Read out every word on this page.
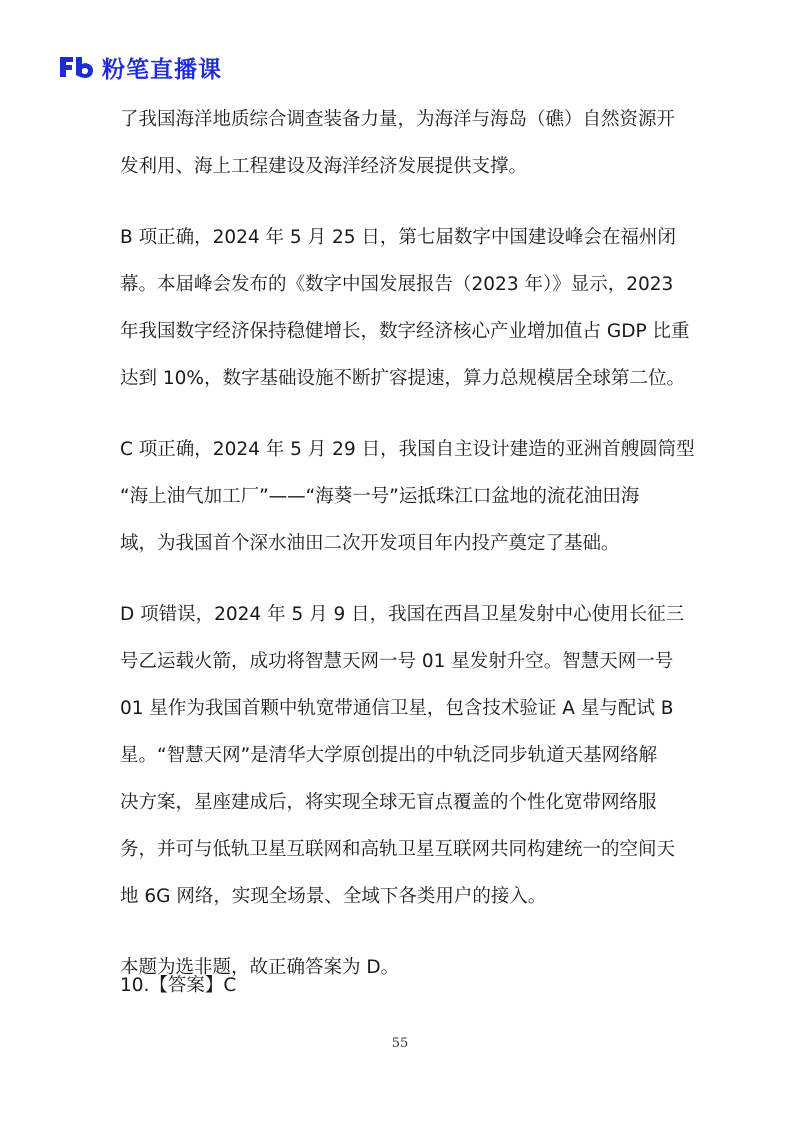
粉笔直播课
了我国海洋地质综合调查装备力量，为海洋与海岛（礁）自然资源开
发利用、海上工程建设及海洋经济发展提供支撑。
B 项正确，2024 年 5 月 25 日，第七届数字中国建设峰会在福州闭
幕。本届峰会发布的《数字中国发展报告（2023 年）》显示，2023
年我国数字经济保持稳健增长，数字经济核心产业增加值占 GDP 比重
达到 10%，数字基础设施不断扩容提速，算力总规模居全球第二位。
C 项正确，2024 年 5 月 29 日，我国自主设计建造的亚洲首艘圆筒型
“海上油气加工厂”——“海葵一号”运抵珠江口盆地的流花油田海
域，为我国首个深水油田二次开发项目年内投产奠定了基础。
D 项错误，2024 年 5 月 9 日，我国在西昌卫星发射中心使用长征三
号乙运载火箭，成功将智慧天网一号 01 星发射升空。智慧天网一号
01 星作为我国首颗中轨宽带通信卫星，包含技术验证 A 星与配试 B
星。“智慧天网”是清华大学原创提出的中轨泛同步轨道天基网络解
决方案，星座建成后，将实现全球无盲点覆盖的个性化宽带网络服
务，并可与低轨卫星互联网和高轨卫星互联网共同构建统一的空间天
地 6G 网络，实现全场景、全域下各类用户的接入。
本题为选非题，故正确答案为 D。
10.【答案】C
55
